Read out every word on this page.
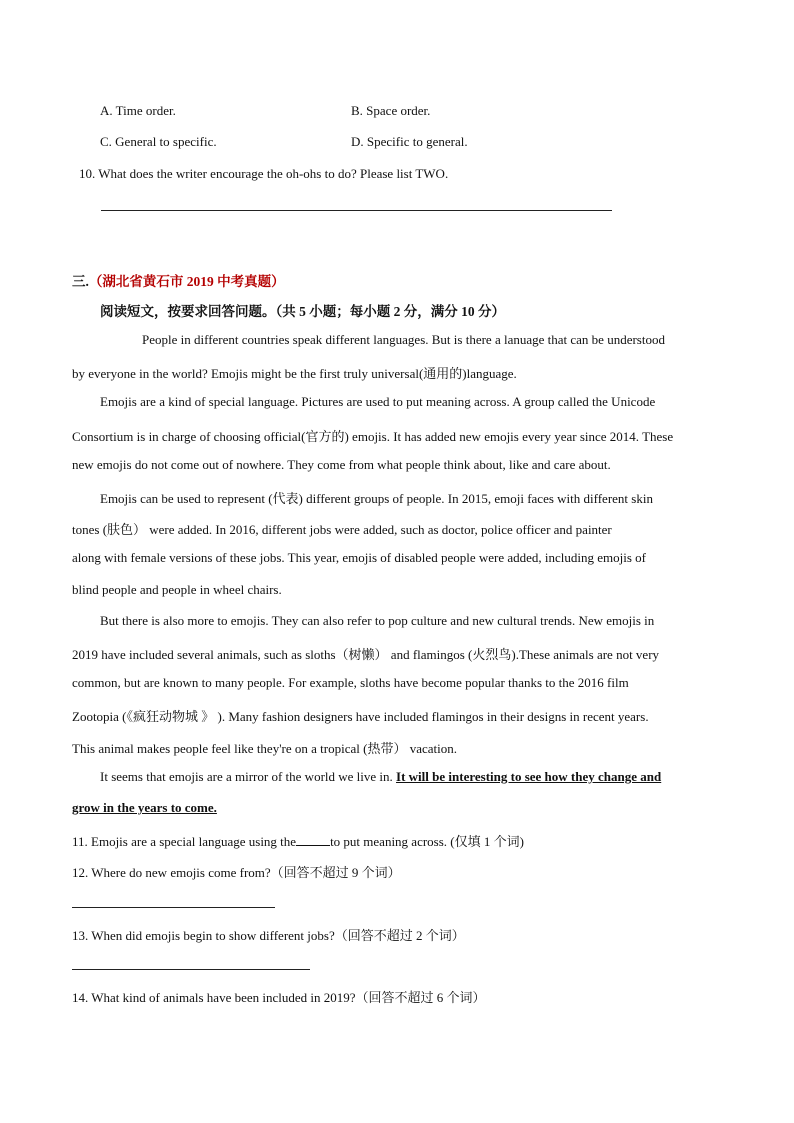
A. Time order.	B. Space order.
C. General to specific.	D. Specific to general.
10. What does the writer encourage the oh-ohs to do? Please list TWO.
三.（湖北省黄石市 2019 中考真题）
阅读短文，按要求回答问题。（共 5 小题；每小题 2 分，满分 10 分）
People in different countries speak different languages. But is there a lanuage that can be understood
by everyone in the world? Emojis might be the first truly universal(通用的)language.
Emojis are a kind of special language. Pictures are used to put meaning across. A group called the Unicode
Consortium is in charge of choosing official(官方的) emojis. It has added new emojis every year since 2014. These
new emojis do not come out of nowhere. They come from what people think about, like and care about.
Emojis can be used to represent (代表) different groups of people. In 2015, emoji faces with different skin
tones (肤色） were added. In 2016, different jobs were added, such as doctor, police officer and painter
along with female versions of these jobs. This year, emojis of disabled people were added, including emojis of
blind people and people in wheel chairs.
But there is also more to emojis. They can also refer to pop culture and new cultural trends. New emojis in
2019 have included several animals, such as sloths（树懒） and flamingos (火烈鸟).These animals are not very
common, but are known to many people. For example, sloths have become popular thanks to the 2016 film
Zootopia (《疯狂动物城 》 ). Many fashion designers have included flamingos in their designs in recent years.
This animal makes people feel like they're on a tropical (热带） vacation.
It seems that emojis are a mirror of the world we live in. It will be interesting to see how they change and
grow in the years to come.
11. Emojis are a special language using the	to put meaning across. (仅填 1 个词)
12. Where do new emojis come from?（回答不超过 9 个词）
13. When did emojis begin to show different jobs?（回答不超过 2 个词）
14. What kind of animals have been included in 2019?（回答不超过 6 个词）
